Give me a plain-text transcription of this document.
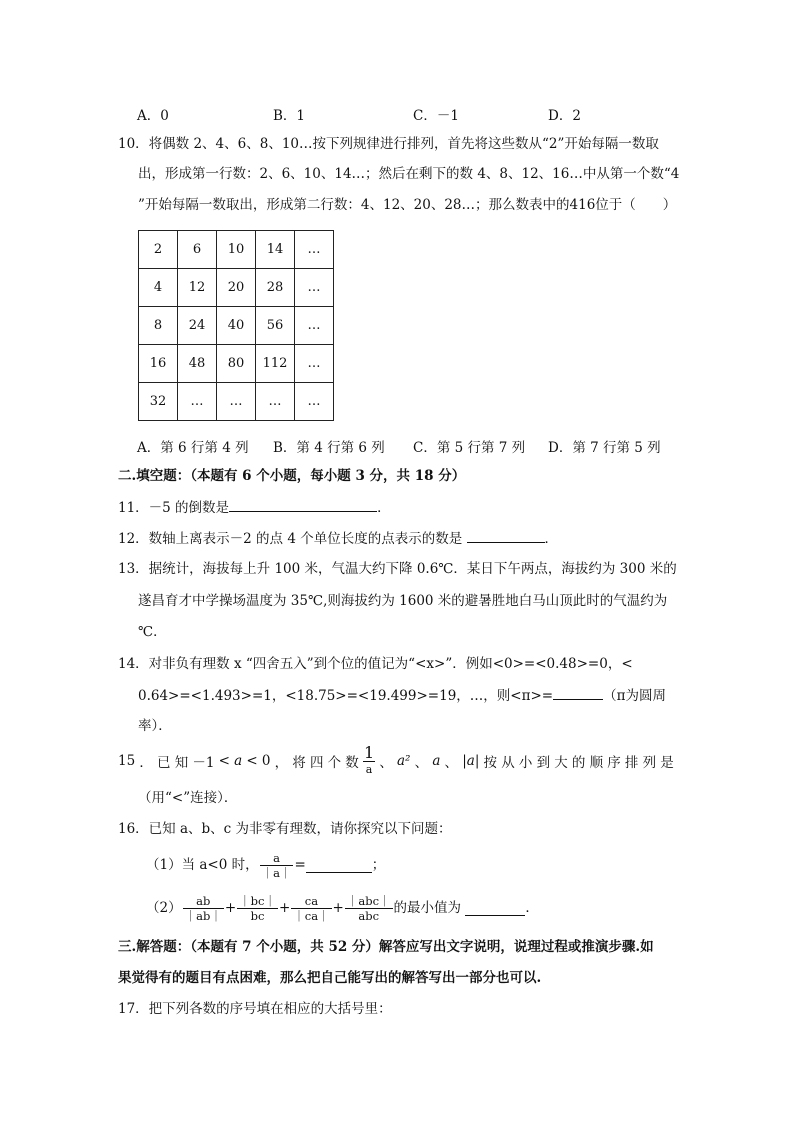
A．0	B．1	C．－1	D．2
10．将偶数 2、4、6、8、10…按下列规律进行排列，首先将这些数从“2”开始每隔一数取
出，形成第一行数：2、6、10、14…；然后在剩下的数 4、8、12、16…中从第一个数“4
”开始每隔一数取出，形成第二行数：4、12、20、28…；那么数表中的416位于（　　）
2	6	10	14	…
4	12	20	28	…
8	24	40	56	…
16	48	80	112	…
32	…	…	…	…
A．第 6 行第 4 列 B．第 4 行第 6 列 C．第 5 行第 7 列 D．第 7 行第 5 列
二.填空题：（本题有 6 个小题，每小题 3 分，共 18 分）
11．－5 的倒数是	．
12．数轴上离表示－2 的点 4 个单位长度的点表示的数是	．
13．据统计，海拔每上升 100 米，气温大约下降 0.6℃．某日下午两点，海拔约为 300 米的
遂昌育才中学操场温度为 35℃,则海拔约为 1600 米的避暑胜地白马山顶此时的气温约为
℃．
14．对非负有理数 x “四舍五入”到个位的值记为“<x>”．例如<0>=<0.48>=0，<
0.64>=<1.493>=1，<18.75>=<19.499>=19，…，则<π>=	（π为圆周
率）．
15 ． 已 知 －1 < a < 0 ， 将 四 个 数 $\frac{1}{a}$ 、 a² 、 a 、 |a| 按 从 小 到 大 的 顺 序 排 列 是
（用“<”连接）．
16．已知 a、b、c 为非零有理数，请你探究以下问题：
（1）当 a<0 时， $\frac{a}{|a|}$ =	；
$(2) \frac{ab}{|ab|} + \frac{|bc|}{bc} + \frac{ca}{|ca|} + \frac{\text{｜abc｜}}{\text{abc}}$ 的最小值为
	．
三.解答题：（本题有 7 个小题，共 52 分）解答应写出文字说明，说理过程或推演步骤.如
果觉得有的题目有点困难，那么把自己能写出的解答写出一部分也可以.
17．把下列各数的序号填在相应的大括号里：
